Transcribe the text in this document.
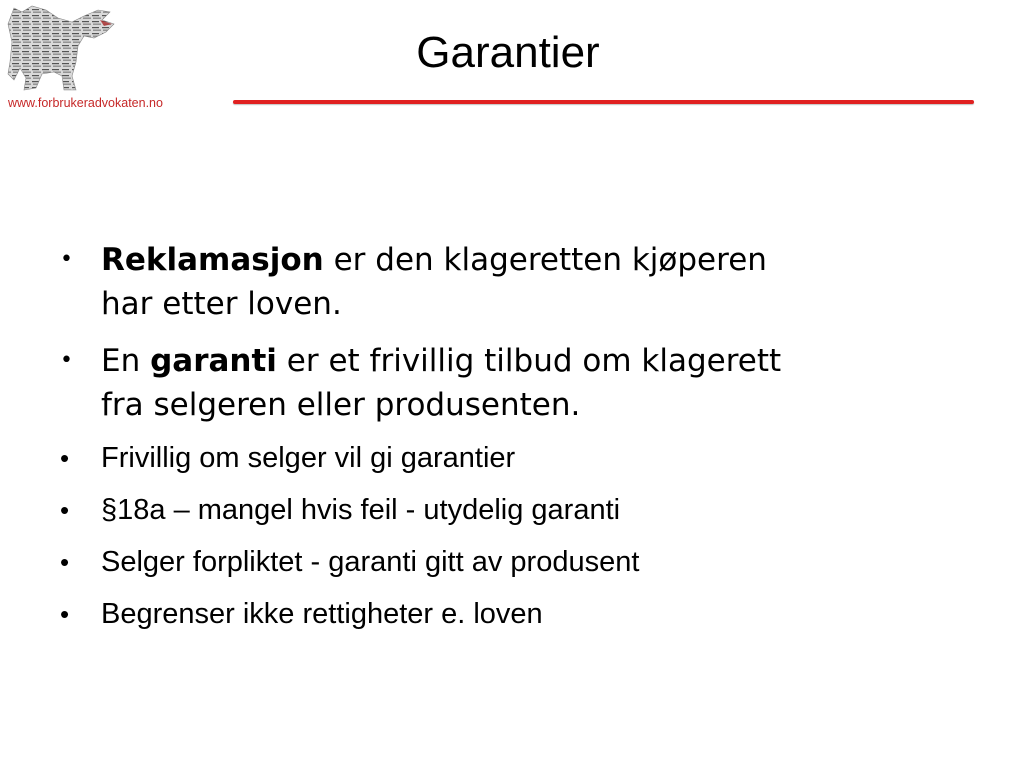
www.forbrukeradvokaten.no
Garantier
• Reklamasjon er den klageretten kjøperen har etter loven.
• En garanti er et frivillig tilbud om klagerett fra selgeren eller produsenten.
• Frivillig om selger vil gi garantier
• §18a – mangel hvis feil - utydelig garanti
• Selger forpliktet - garanti gitt av produsent
• Begrenser ikke rettigheter e. loven
